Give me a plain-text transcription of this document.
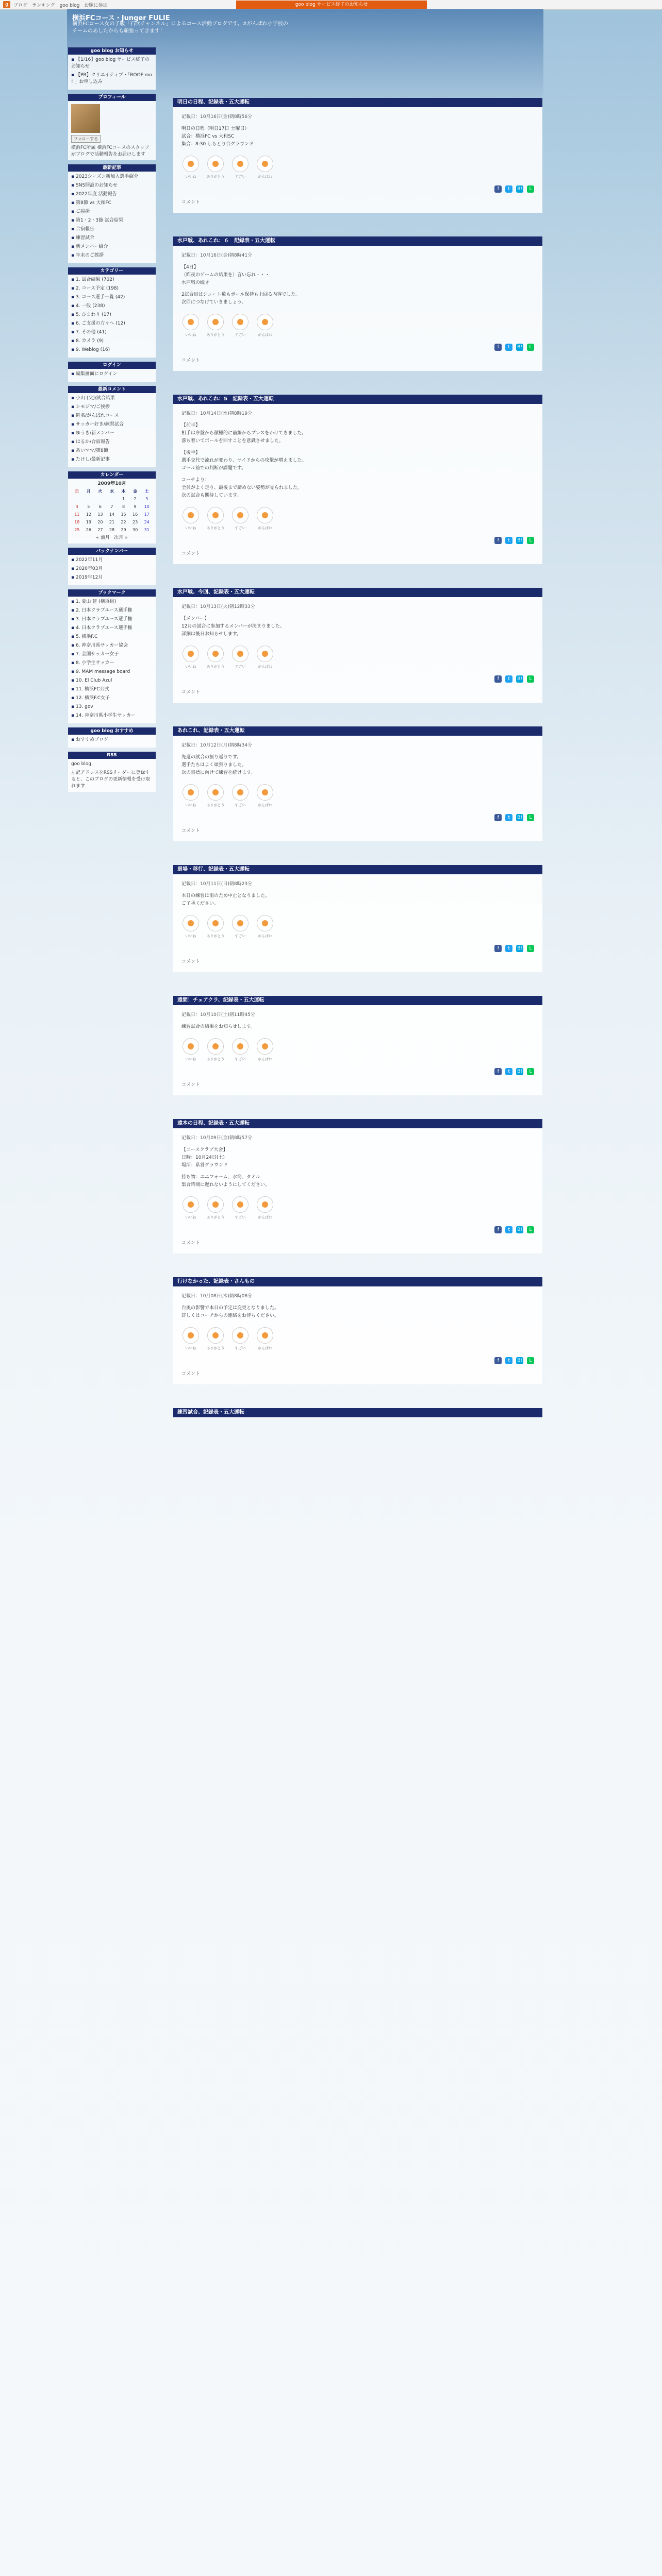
g	ブログ ランキング goo blog お題に参加	goo blog サービス終了のお知らせ
横浜FCコース・Junger FULIE
横浜FCコース女の子版「石吹チャンネル」によるコース活動ブログです。#がんばれ小学校のチームのあしたからも頑張ってきます！
goo blog お知らせ
▪ 【1/16】goo blog サービス終了のお知らせ
▪ 【PR】クリエイティブ・「ROOF mo ! 」お申し込み
プロフィール
フォローする
横浜FC所属 横浜FCコースのスタッフがブログで活動報告をお届けします
最新記事
▪ 2023シーズン新加入選手紹介
▪ SNS開設のお知らせ
▪ 2022年度 活動報告
▪ 第8節 vs 大和FC
▪ ご挨拶
▪ 第1・2・3節 試合結果
▪ 合宿報告
▪ 練習試合
▪ 新メンバー紹介
▪ 年末のご挨拶
カテゴリー
▪ 1. 試合結果 (702)
▪ 2. コース予定 (198)
▪ 3. コース選手一覧 (42)
▪ 4. 一般 (238)
▪ 5. ひまわり (17)
▪ 6. ご支援の方々へ (12)
▪ 7. その他 (41)
▪ 8. カメラ (9)
▪ 9. Weblog (16)
ログイン
▪ 編集画面にログイン
最新コメント
▪ 小山 (父)/試合結果
▪ シモジマ/ご挨拶
▪ 匿名/がんばれコース
▪ サッカー好き/練習試合
▪ ゆうき/新メンバー
▪ はるか/合宿報告
▪ あいママ/第8節
▪ たけし/最新記事
カレンダー
2009年10月
日	月	火	水	木	金	土
				1	2	3
4	5	6	7	8	9	10
11	12	13	14	15	16	17
18	19	20	21	22	23	24
25	26	27	28	29	30	31
« 前月 次月 »
バックナンバー
▪ 2022年11月
▪ 2020年03月
▪ 2019年12月
ブックマーク
▪ 1. 夏山 建 (横浜組)
▪ 2. 日本クラブユース選手権
▪ 3. 日本クラブユース選手権
▪ 4. 日本クラブユース選手権
▪ 5. 横浜F.C
▪ 6. 神奈川県サッカー協会
▪ 7. 全国サッカー女子
▪ 8. 小学生サッカー
▪ 9. MAM message board
▪ 10. El Club Azul
▪ 11. 横浜FC公式
▪ 12. 横浜F.C女子
▪ 13. gov
▪ 14. 神奈川県小学生サッカー
goo blog おすすめ
▪ おすすめブログ
RSS
goo blog
左記アドレスをRSSリーダーに登録すると、このブログの更新情報を受け取れます
明日の日程、記録表・五大運転
記載日：10月16日(金)朝8時56分
明日の日程（明日17日 土曜日）
試合：横浜FC vs 大和SC
集合：8:30 しらとり台グラウンド
いいね	ありがとう	すごい	がんばれ
f t B! L
コメント
水戸戦、あれこれ：６　記録表・五大運転
記載日：10月16日(金)朝8時41分
【4日】
（昨夜のゲームの結果を）言い忘れ・・・
水戸戦の続き
2試合目はシュート数もボール保持も上回る内容でした。
次回につなげていきましょう。
いいね	ありがとう	すごい	がんばれ
f t B! L
コメント
水戸戦、あれこれ：5　記録表・五大運転
記載日：10月14日(水)朝8時19分
【前半】
相手は序盤から積極的に前線からプレスをかけてきました。
落ち着いてボールを回すことを意識させました。
【後半】
選手交代で流れが変わり、サイドからの攻撃が増えました。
ゴール前での判断が課題です。
コーチより：
全員がよく走り、最後まで諦めない姿勢が見られました。
次の試合も期待しています。
いいね	ありがとう	すごい	がんばれ
f t B! L
コメント
水戸戦、今回、記録表・五大運転
記載日：10月13日(火)朝12時33分
【メンバー】
12月の試合に参加するメンバーが決まりました。
詳細は後日お知らせします。
いいね	ありがとう	すごい	がんばれ
f t B! L
コメント
あれこれ、記録表・五大運転
記載日：10月12日(月)朝8時34分
先週の試合の振り返りです。
選手たちはよく頑張りました。
次の目標に向けて練習を続けます。
いいね	ありがとう	すごい	がんばれ
f t B! L
コメント
退場・移行、記録表・五大運転
記載日：10月11日(日)朝8時23分
本日の練習は雨のため中止となりました。
ご了承ください。
いいね	ありがとう	すごい	がんばれ
f t B! L
コメント
遠間！チェアクラ、記録表・五大運転
記載日：10月10日(土)朝11時45分
練習試合の結果をお知らせします。
いいね	ありがとう	すごい	がんばれ
f t B! L
コメント
遠本の日程、記録表・五大運転
記載日：10月09日(金)朝8時57分
【ユースクラブ大会】
日時：10月24日(土)
場所：県営グラウンド
持ち物：ユニフォーム、水筒、タオル
集合時間に遅れないようにしてください。
いいね	ありがとう	すごい	がんばれ
f t B! L
コメント
行けなかった、記録表・さんもの
記載日：10月08日(木)朝8時08分
台風の影響で本日の予定は変更となりました。
詳しくはコーチからの連絡をお待ちください。
いいね	ありがとう	すごい	がんばれ
f t B! L
コメント
練習試合、記録表・五大運転
